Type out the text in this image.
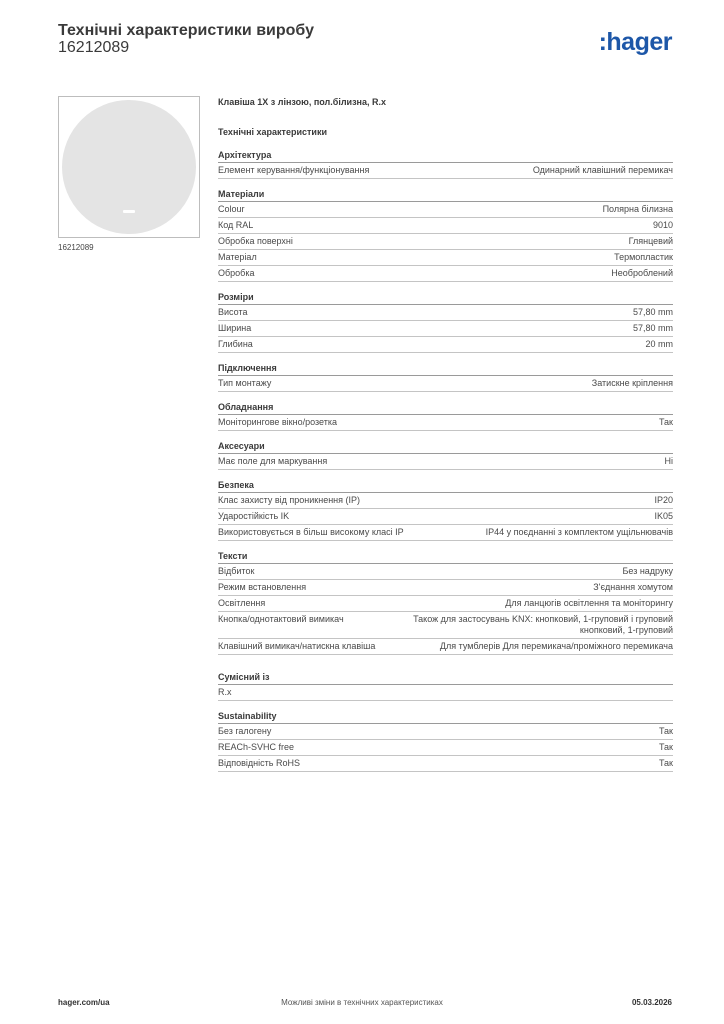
Технічні характеристики виробу
16212089	:hager
16212089
Клавіша 1Х з лінзою, пол.білизна, R.x
Технічні характеристики
Архітектура
Елемент керування/функціонування	Одинарний клавішний перемикач
Матеріали
Colour	Полярна білизна
Код RAL	9010
Обробка поверхні	Глянцевий
Матеріал	Термопластик
Обробка	Необроблений
Розміри
Висота	57,80 mm
Ширина	57,80 mm
Глибина	20 mm
Підключення
Тип монтажу	Затискне кріплення
Обладнання
Моніторингове вікно/розетка	Так
Аксесуари
Має поле для маркування	Ні
Безпека
Клас захисту від проникнення (IP)	IP20
Ударостійкість IK	IK05
Використовується в більш високому класі IP	IP44 у поєднанні з комплектом ущільнювачів
Тексти
Відбиток	Без надруку
Режим встановлення	З'єднання хомутом
Освітлення	Для ланцюгів освітлення та моніторингу
Кнопка/однотактовий вимикач	Також для застосувань KNX: кнопковий, 1-груповий і груповий кнопковий, 1-груповий
Клавішний вимикач/натискна клавіша	Для тумблерів Для перемикача/проміжного перемикача
Сумісний із
R.x
Sustainability
Без галогену	Так
REACh-SVHC free	Так
Відповідність RoHS	Так
hager.com/ua	Можливі зміни в технічних характеристиках	05.03.2026
